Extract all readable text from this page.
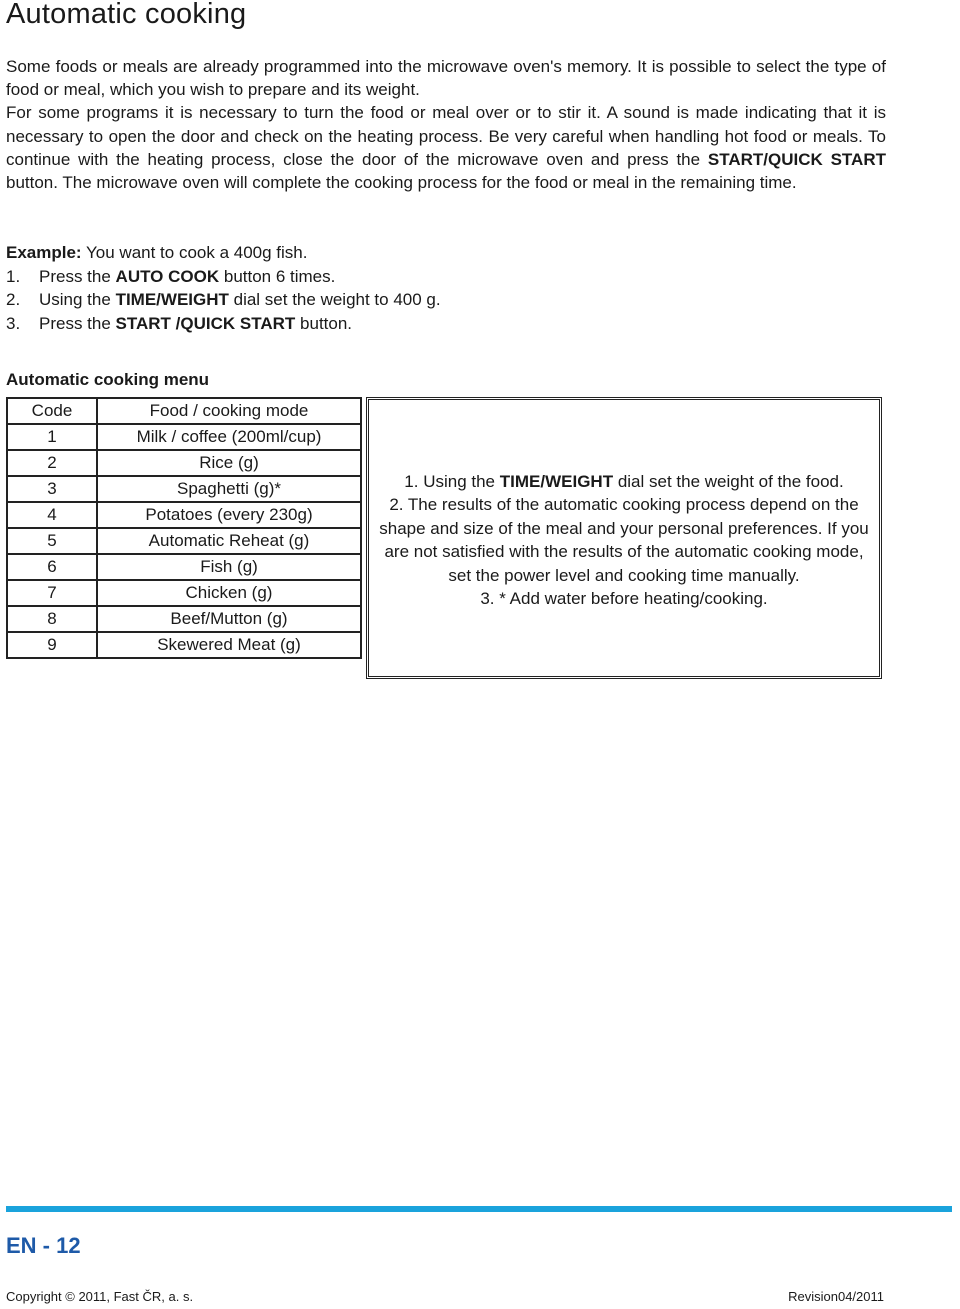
Automatic cooking
Some foods or meals are already programmed into the microwave oven's memory. It is possible to select the type of food or meal, which you wish to prepare and its weight.
For some programs it is necessary to turn the food or meal over or to stir it. A sound is made indicating that it is necessary to open the door and check on the heating process. Be very careful when handling hot food or meals. To continue with the heating process, close the door of the microwave oven and press the START/QUICK START button. The microwave oven will complete the cooking process for the food or meal in the remaining time.
Example: You want to cook a 400g fish.
1. Press the AUTO COOK button 6 times.
2. Using the TIME/WEIGHT dial set the weight to 400 g.
3. Press the START /QUICK START button.
Automatic cooking menu
Code	Food / cooking mode
1	Milk / coffee (200ml/cup)
2	Rice (g)
3	Spaghetti (g)*
4	Potatoes (every 230g)
5	Automatic Reheat (g)
6	Fish (g)
7	Chicken (g)
8	Beef/Mutton (g)
9	Skewered Meat (g)
1. Using the TIME/WEIGHT dial set the weight of the food.
2. The results of the automatic cooking process depend on the shape and size of the meal and your personal preferences. If you are not satisfied with the results of the automatic cooking mode, set the power level and cooking time manually.
3. * Add water before heating/cooking.
EN - 12
Copyright © 2011, Fast ČR, a. s.	Revision04/2011
